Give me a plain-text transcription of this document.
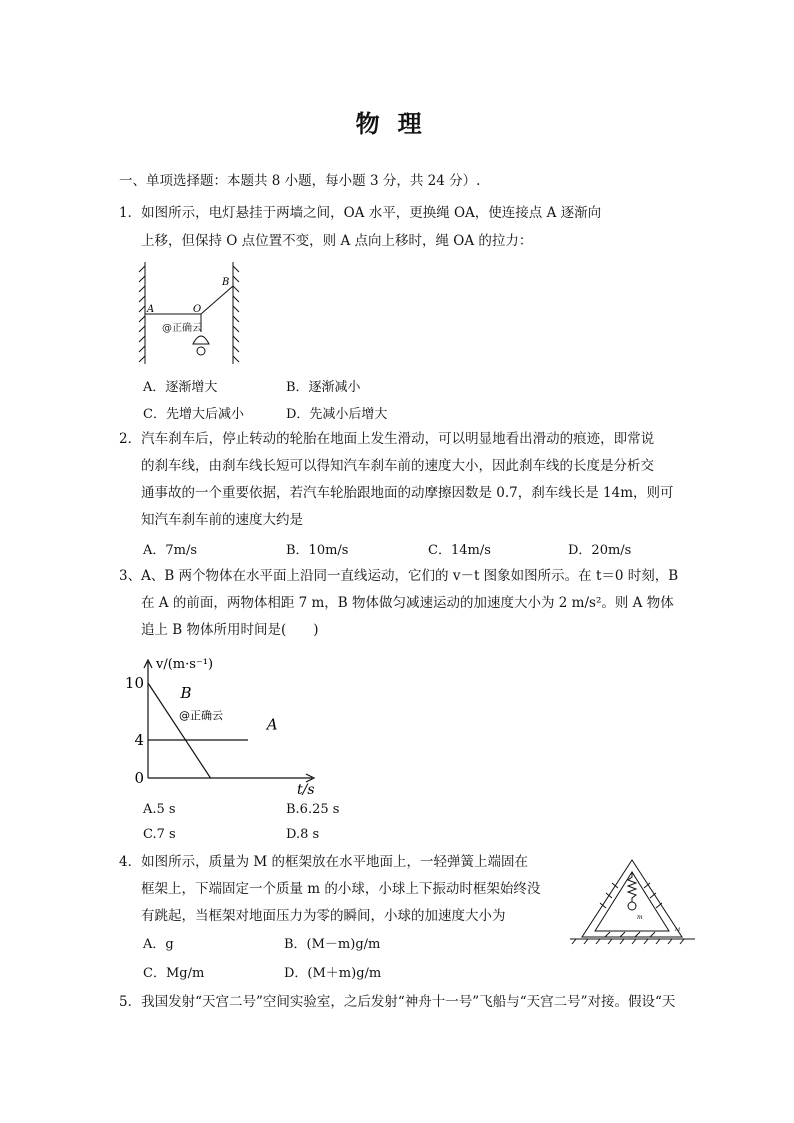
物 理
一、单项选择题：本题共 8 小题，每小题 3 分，共 24 分）.
1．如图所示，电灯悬挂于两墙之间，OA 水平，更换绳 OA，使连接点 A 逐渐向
上移，但保持 O 点位置不变，则 A 点向上移时，绳 OA 的拉力：
A	O
B
@正确云
A．逐渐增大	B．逐渐减小
C．先增大后减小	D．先减小后增大
2．汽车刹车后，停止转动的轮胎在地面上发生滑动，可以明显地看出滑动的痕迹，即常说
的刹车线，由刹车线长短可以得知汽车刹车前的速度大小，因此刹车线的长度是分析交
通事故的一个重要依据，若汽车轮胎跟地面的动摩擦因数是 0.7，刹车线长是 14m，则可
知汽车刹车前的速度大约是
A．7m/s	B．10m/s	C．14m/s	D．20m/s
3、A、B 两个物体在水平面上沿同一直线运动，它们的 v－t 图象如图所示。在 t＝0 时刻，B
在 A 的前面，两物体相距 7 m，B 物体做匀减速运动的加速度大小为 2 m/s²。则 A 物体
追上 B 物体所用时间是(　　)
B
A
10
4
0
v/(m·s⁻¹)
t/s
@正确云
A.5 s	B.6.25 s
C.7 s	D.8 s
4．如图所示，质量为 M 的框架放在水平地面上，一轻弹簧上端固在
框架上，下端固定一个质量 m 的小球，小球上下振动时框架始终没
有跳起，当框架对地面压力为零的瞬间，小球的加速度大小为	m
M
A．g	B．(M－m)g/m
C．Mg/m	D．(M＋m)g/m
5．我国发射“天宫二号”空间实验室，之后发射“神舟十一号”飞船与“天宫二号”对接。假设“天
